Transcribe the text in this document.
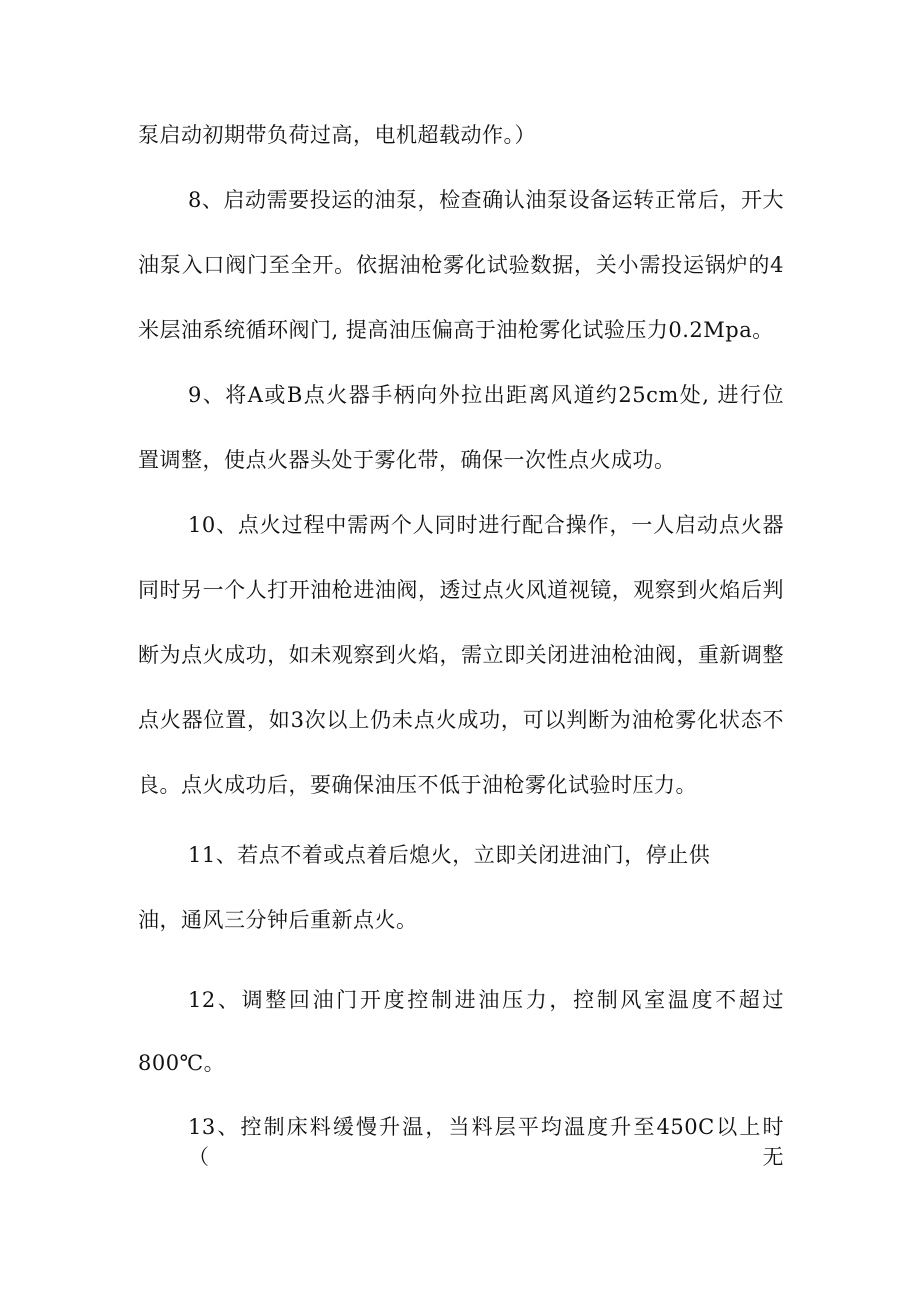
泵启动初期带负荷过高，电机超载动作。）
8、启动需要投运的油泵，检查确认油泵设备运转正常后，开大
油泵入口阀门至全开。依据油枪雾化试验数据，关小需投运锅炉的4
米层油系统循环阀门, 提高油压偏高于油枪雾化试验压力0.2Mpa。
9、将A或B点火器手柄向外拉出距离风道约25cm处, 进行位
置调整，使点火器头处于雾化带，确保一次性点火成功。
10、点火过程中需两个人同时进行配合操作，一人启动点火器
同时另一个人打开油枪进油阀，透过点火风道视镜，观察到火焰后判
断为点火成功，如未观察到火焰，需立即关闭进油枪油阀，重新调整
点火器位置，如3次以上仍未点火成功，可以判断为油枪雾化状态不
良。点火成功后，要确保油压不低于油枪雾化试验时压力。
11、若点不着或点着后熄火，立即关闭进油门，停止供
油，通风三分钟后重新点火。
12、调整回油门开度控制进油压力，控制风室温度不超过
800℃。
13、控制床料缓慢升温，当料层平均温度升至450C以上时（无
